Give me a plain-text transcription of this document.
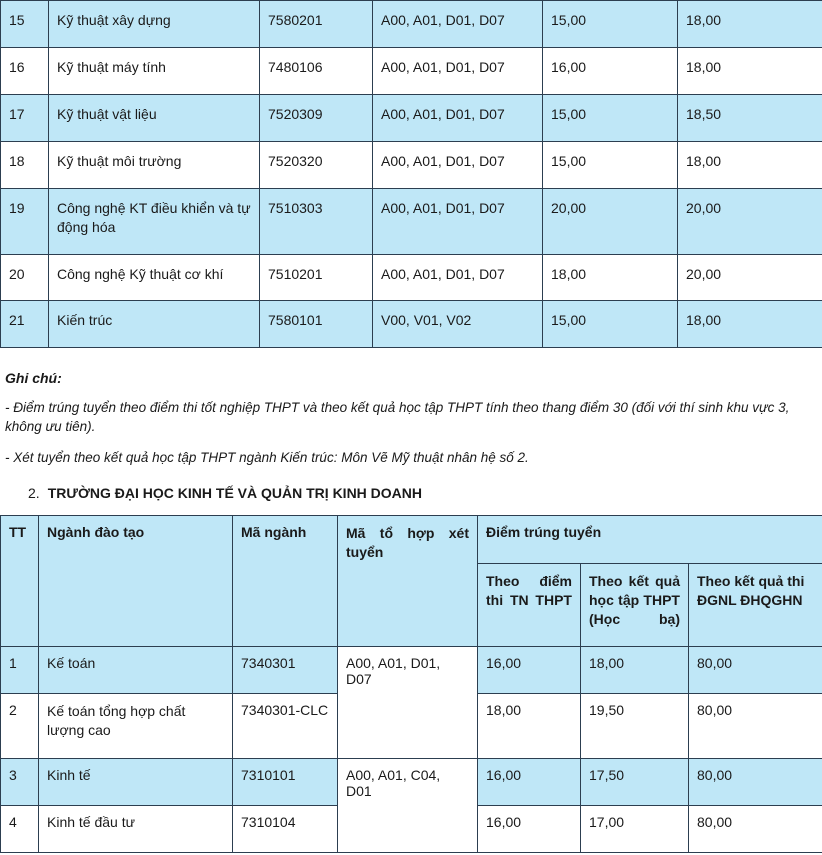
15	Kỹ thuật xây dựng	7580201	A00, A01, D01, D07	15,00	18,00
16	Kỹ thuật máy tính	7480106	A00, A01, D01, D07	16,00	18,00
17	Kỹ thuật vật liệu	7520309	A00, A01, D01, D07	15,00	18,50
18	Kỹ thuật môi trường	7520320	A00, A01, D01, D07	15,00	18,00
19	Công nghệ KT điều khiển và tự động hóa	7510303	A00, A01, D01, D07	20,00	20,00
20	Công nghệ Kỹ thuật cơ khí	7510201	A00, A01, D01, D07	18,00	20,00
21	Kiến trúc	7580101	V00, V01, V02	15,00	18,00
Ghi chú:
- Điểm trúng tuyển theo điểm thi tốt nghiệp THPT và theo kết quả học tập THPT tính theo thang điểm 30 (đối với thí sinh khu vực 3, không ưu tiên).
- Xét tuyển theo kết quả học tập THPT ngành Kiến trúc: Môn Vẽ Mỹ thuật nhân hệ số 2.
2. TRƯỜNG ĐẠI HỌC KINH TẾ VÀ QUẢN TRỊ KINH DOANH
TT	Ngành đào tạo	Mã ngành	Mã tổ hợp xét tuyển	Điểm trúng tuyển		

				Theo điểm thi TN THPT	Theo kết quả học tập THPT (Học bạ)	Theo kết quả thi ĐGNL ĐHQGHN
1	Kế toán	7340301	A00, A01, D01, D07	16,00	18,00	80,00
2	Kế toán tổng hợp chất lượng cao	7340301-CLC		18,00	19,50	80,00
3	Kinh tế	7310101	A00, A01, C04, D01	16,00	17,50	80,00
4	Kinh tế đầu tư	7310104		16,00	17,00	80,00
